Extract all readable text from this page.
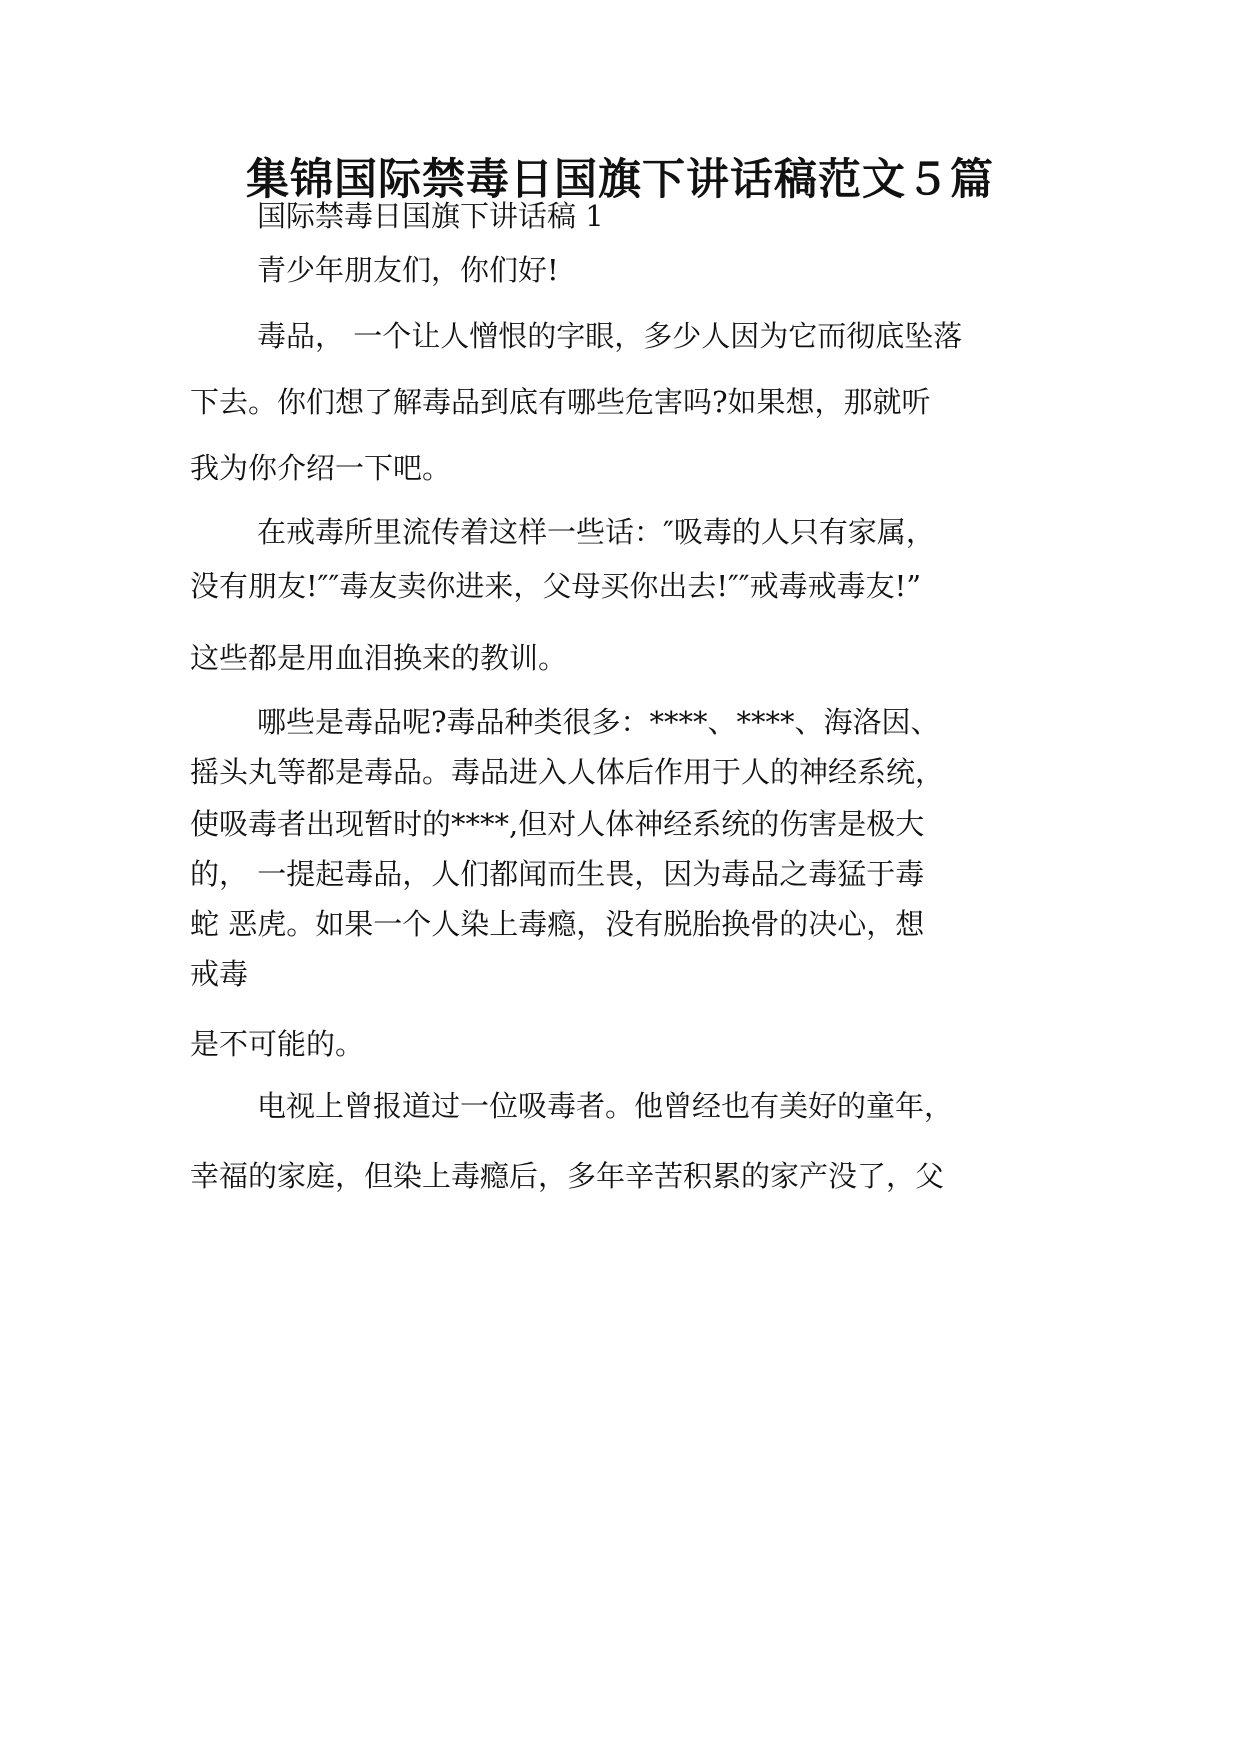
集锦国际禁毒日国旗下讲话稿范文５篇

国际禁毒日国旗下讲话稿 1

青少年朋友们，你们好!

毒品， 一个让人憎恨的字眼，多少人因为它而彻底坠落

下去。你们想了解毒品到底有哪些危害吗?如果想，那就听

我为你介绍一下吧。

在戒毒所里流传着这样一些话：″吸毒的人只有家属，

没有朋友!″″毒友卖你进来，父母买你出去!″″戒毒戒毒友!”

这些都是用血泪换来的教训。

哪些是毒品呢?毒品种类很多：****、****、海洛因、

摇头丸等都是毒品。毒品进入人体后作用于人的神经系统，

使吸毒者出现暂时的****,但对人体神经系统的伤害是极大

的， 一提起毒品，人们都闻而生畏，因为毒品之毒猛于毒

蛇 恶虎。如果一个人染上毒瘾，没有脱胎换骨的决心，想

戒毒

是不可能的。

电视上曾报道过一位吸毒者。他曾经也有美好的童年，

幸福的家庭，但染上毒瘾后，多年辛苦积累的家产没了，父
